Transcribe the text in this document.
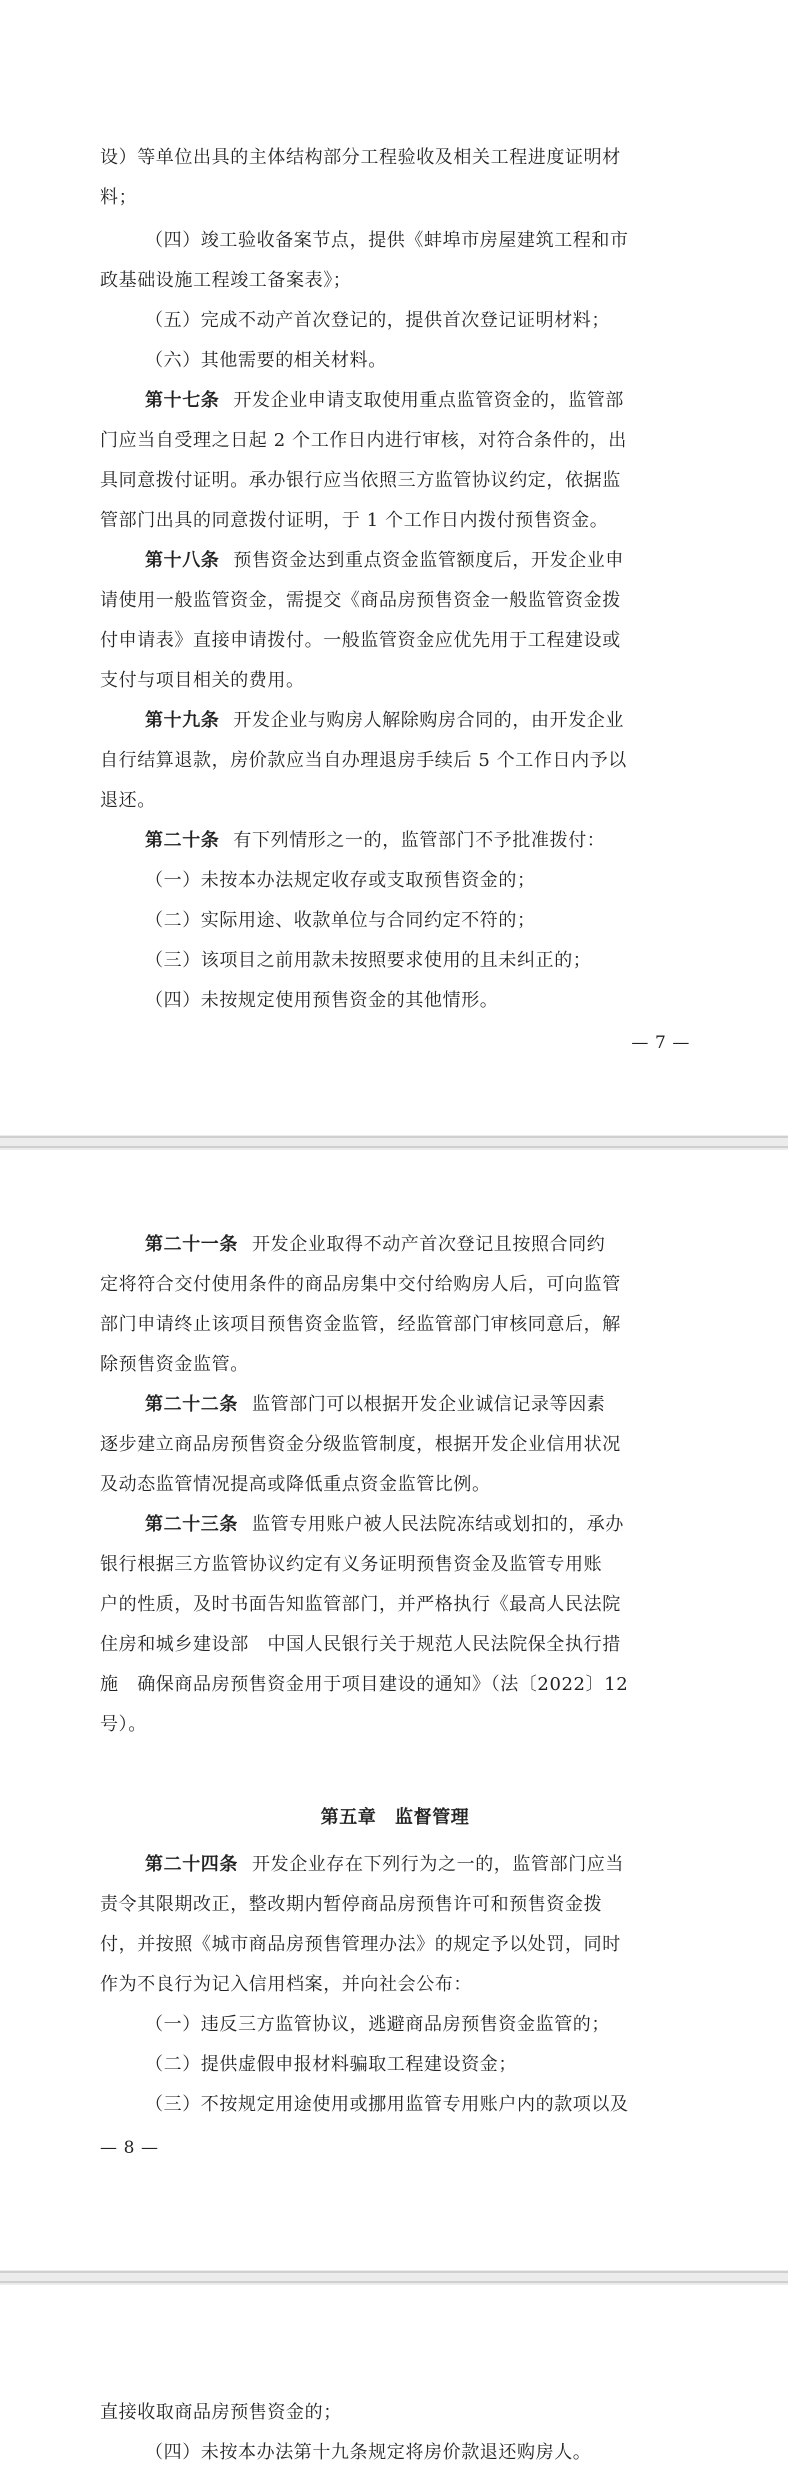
设）等单位出具的主体结构部分工程验收及相关工程进度证明材
料；
（四）竣工验收备案节点，提供《蚌埠市房屋建筑工程和市
政基础设施工程竣工备案表》；
（五）完成不动产首次登记的，提供首次登记证明材料；
（六）其他需要的相关材料。
第十七条 开发企业申请支取使用重点监管资金的，监管部
门应当自受理之日起 2 个工作日内进行审核，对符合条件的，出
具同意拨付证明。承办银行应当依照三方监管协议约定，依据监
管部门出具的同意拨付证明，于 1 个工作日内拨付预售资金。
第十八条 预售资金达到重点资金监管额度后，开发企业申
请使用一般监管资金，需提交《商品房预售资金一般监管资金拨
付申请表》直接申请拨付。一般监管资金应优先用于工程建设或
支付与项目相关的费用。
第十九条 开发企业与购房人解除购房合同的，由开发企业
自行结算退款，房价款应当自办理退房手续后 5 个工作日内予以
退还。
第二十条 有下列情形之一的，监管部门不予批准拨付：
（一）未按本办法规定收存或支取预售资金的；
（二）实际用途、收款单位与合同约定不符的；
（三）该项目之前用款未按照要求使用的且未纠正的；
（四）未按规定使用预售资金的其他情形。
— 7 —
第二十一条 开发企业取得不动产首次登记且按照合同约
定将符合交付使用条件的商品房集中交付给购房人后，可向监管
部门申请终止该项目预售资金监管，经监管部门审核同意后，解
除预售资金监管。
第二十二条 监管部门可以根据开发企业诚信记录等因素
逐步建立商品房预售资金分级监管制度，根据开发企业信用状况
及动态监管情况提高或降低重点资金监管比例。
第二十三条 监管专用账户被人民法院冻结或划扣的，承办
银行根据三方监管协议约定有义务证明预售资金及监管专用账
户的性质，及时书面告知监管部门，并严格执行《最高人民法院
住房和城乡建设部　中国人民银行关于规范人民法院保全执行措
施　确保商品房预售资金用于项目建设的通知》（法〔2022〕12
号）。
第五章　监督管理
第二十四条 开发企业存在下列行为之一的，监管部门应当
责令其限期改正，整改期内暂停商品房预售许可和预售资金拨
付，并按照《城市商品房预售管理办法》的规定予以处罚，同时
作为不良行为记入信用档案，并向社会公布：
（一）违反三方监管协议，逃避商品房预售资金监管的；
（二）提供虚假申报材料骗取工程建设资金；
（三）不按规定用途使用或挪用监管专用账户内的款项以及
— 8 —
直接收取商品房预售资金的；
（四）未按本办法第十九条规定将房价款退还购房人。
